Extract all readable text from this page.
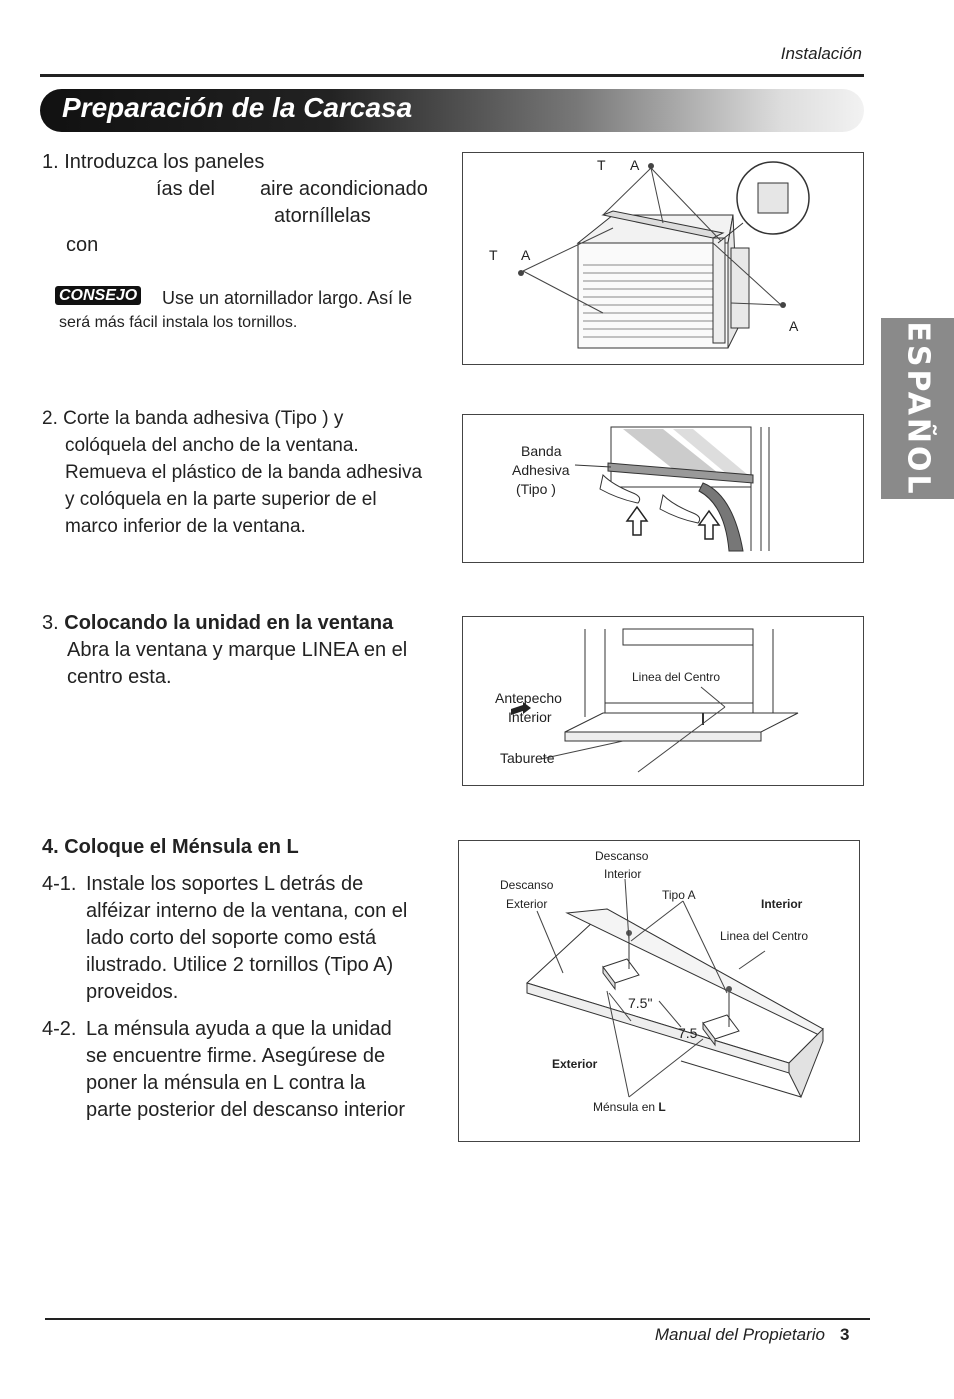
Instalación
Preparación de la Carcasa
ESPAÑOL
1. Introduzca los paneles
ías del aire acondicionado
atorníllelas
con
CONSEJO Use un atornillador largo. Así le
será más fácil instala los tornillos.
T A
T A
A
2. Corte la banda adhesiva (Tipo ) y
colóquela del ancho de la ventana.
Remueva el plástico de la banda adhesiva
y colóquela en la parte superior de el
marco inferior de la ventana.
Banda
Adhesiva
(Tipo )
3. Colocando la unidad en la ventana
Abra la ventana y marque LINEA en el
centro esta.
Antepecho
Interior
Taburete
Linea del Centro
4. Coloque el Ménsula en L
4-1. Instale los soportes L detrás de
alféizar interno de la ventana, con el
lado corto del soporte como está
ilustrado. Utilice 2 tornillos (Tipo A)
proveidos.
4-2. La ménsula ayuda a que la unidad
se encuentre firme. Asegúrese de
poner la ménsula en L contra la
parte posterior del descanso interior
Descanso
Interior
Descanso
Exterior
Tipo A
Interior
Linea del Centro
7.5"
7.5
Exterior
Ménsula en L
Manual del Propietario 3
